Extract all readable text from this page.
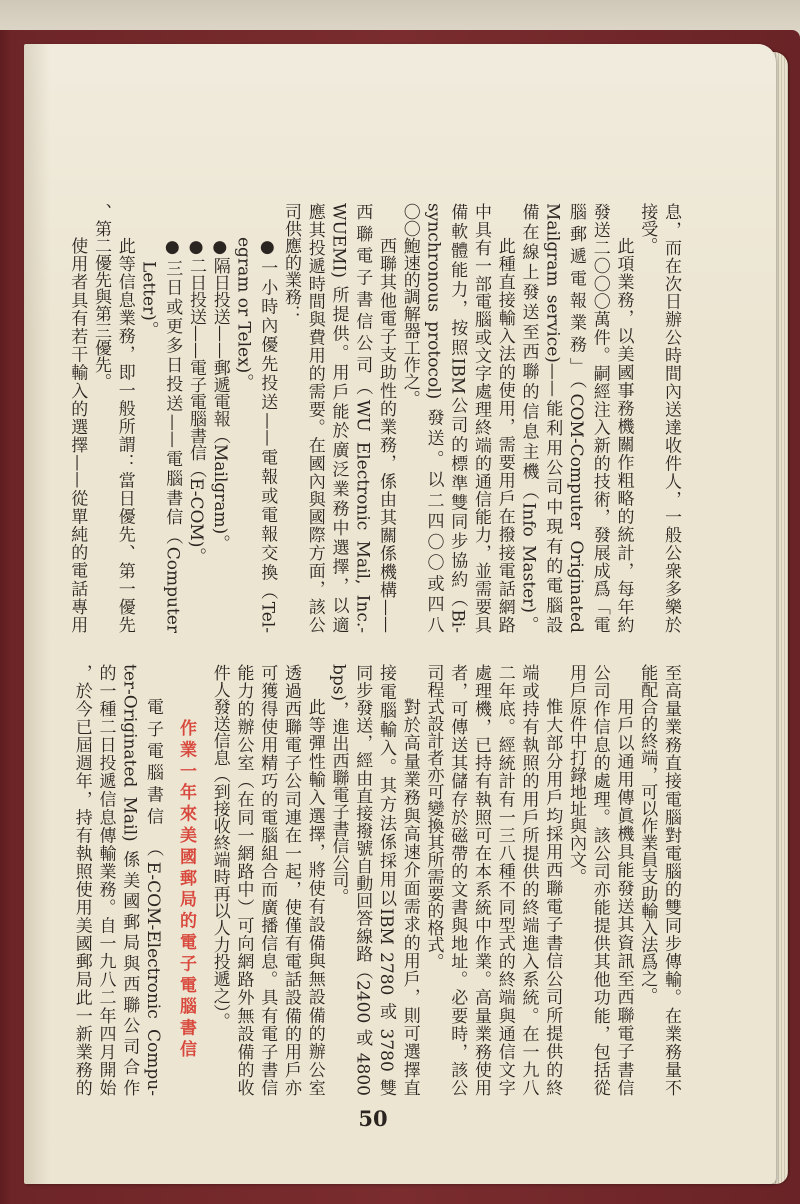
息，而在次日辦公時間內送達收件人，一般公衆多樂於
接受。
此項業務，以美國事務機關作粗略的統計，每年約
發送二〇〇〇萬件。嗣經注入新的技術，發展成爲「電
腦郵遞電報業務」（COM-Computer Originated
Mailgram service)——能利用公司中現有的電腦設
備在線上發送至西聯的信息主機（Info Master)。
此種直接輸入法的使用，需要用戶在撥接電話網路
中具有一部電腦或文字處理終端的通信能力，並需要具
備軟體能力，按照IBM公司的標準雙同步協約（Bi-
synchronous protocol) 發送。以二四〇〇或四八
〇〇鮑速的調解器工作之。
西聯其他電子支助性的業務，係由其關係機構——
西聯電子書信公司（WU Electronic Mail, Inc.-
WUEMI) 所提供。用戶能於廣泛業務中選擇，以適
應其投遞時間與費用的需要。在國內與國際方面，該公
司供應的業務：
●一小時內優先投送——電報或電報交換（Tel-
egram or Telex)。
●隔日投送——郵遞電報（Mailgram)。
●二日投送——電子電腦書信（E-COM)。
●三日或更多日投送——電腦書信（Computer
Letter)。
此等信息業務，即一般所謂：當日優先、第一優先
、第二優先與第三優先。
使用者具有若干輸入的選擇——從單純的電話專用
至高量業務直接電腦對電腦的雙同步傳輸。在業務量不
能配合的終端，可以作業員支助輸入法爲之。
用戶以通用傳眞機具能發送其資訊至西聯電子書信
公司作信息的處理。該公司亦能提供其他功能，包括從
用戶原件中打錄地址與內文。
惟大部分用戶均採用西聯電子書信公司所提供的終
端或持有執照的用戶所提供的終端進入系統。在一九八
二年底。經統計有一三八種不同型式的終端與通信文字
處理機，已持有執照可在本系統中作業。高量業務使用
者，可傳送其儲存於磁帶的文書與地址。必要時，該公
司程式設計者亦可變換其所需要的格式。
對於高量業務與高速介面需求的用戶，則可選擇直
接電腦輸入。其方法係採用以IBM 2780 或 3780 雙
同步發送，經由直接撥號自動回答線路（2400 或 4800
bps)，進出西聯電子書信公司。
此等彈性輸入選擇，將使有設備與無設備的辦公室
透過西聯電子公司連在一起，使僅有電話設備的用戶亦
可獲得使用精巧的電腦組合而廣播信息。具有電子書信
能力的辦公室（在同一網路中）可向網路外無設備的收
件人發送信息（到接收終端時再以人力投遞之）。
作業一年來美國郵局的電子電腦書信
電子電腦書信 （E-COM-Electronic Compu-
ter-Originated Mail) 係美國郵局與西聯公司合作
的一種二日投遞信息傳輸業務。自一九八二年四月開始
，於今已屆週年，持有執照使用美國郵局此一新業務的
50
